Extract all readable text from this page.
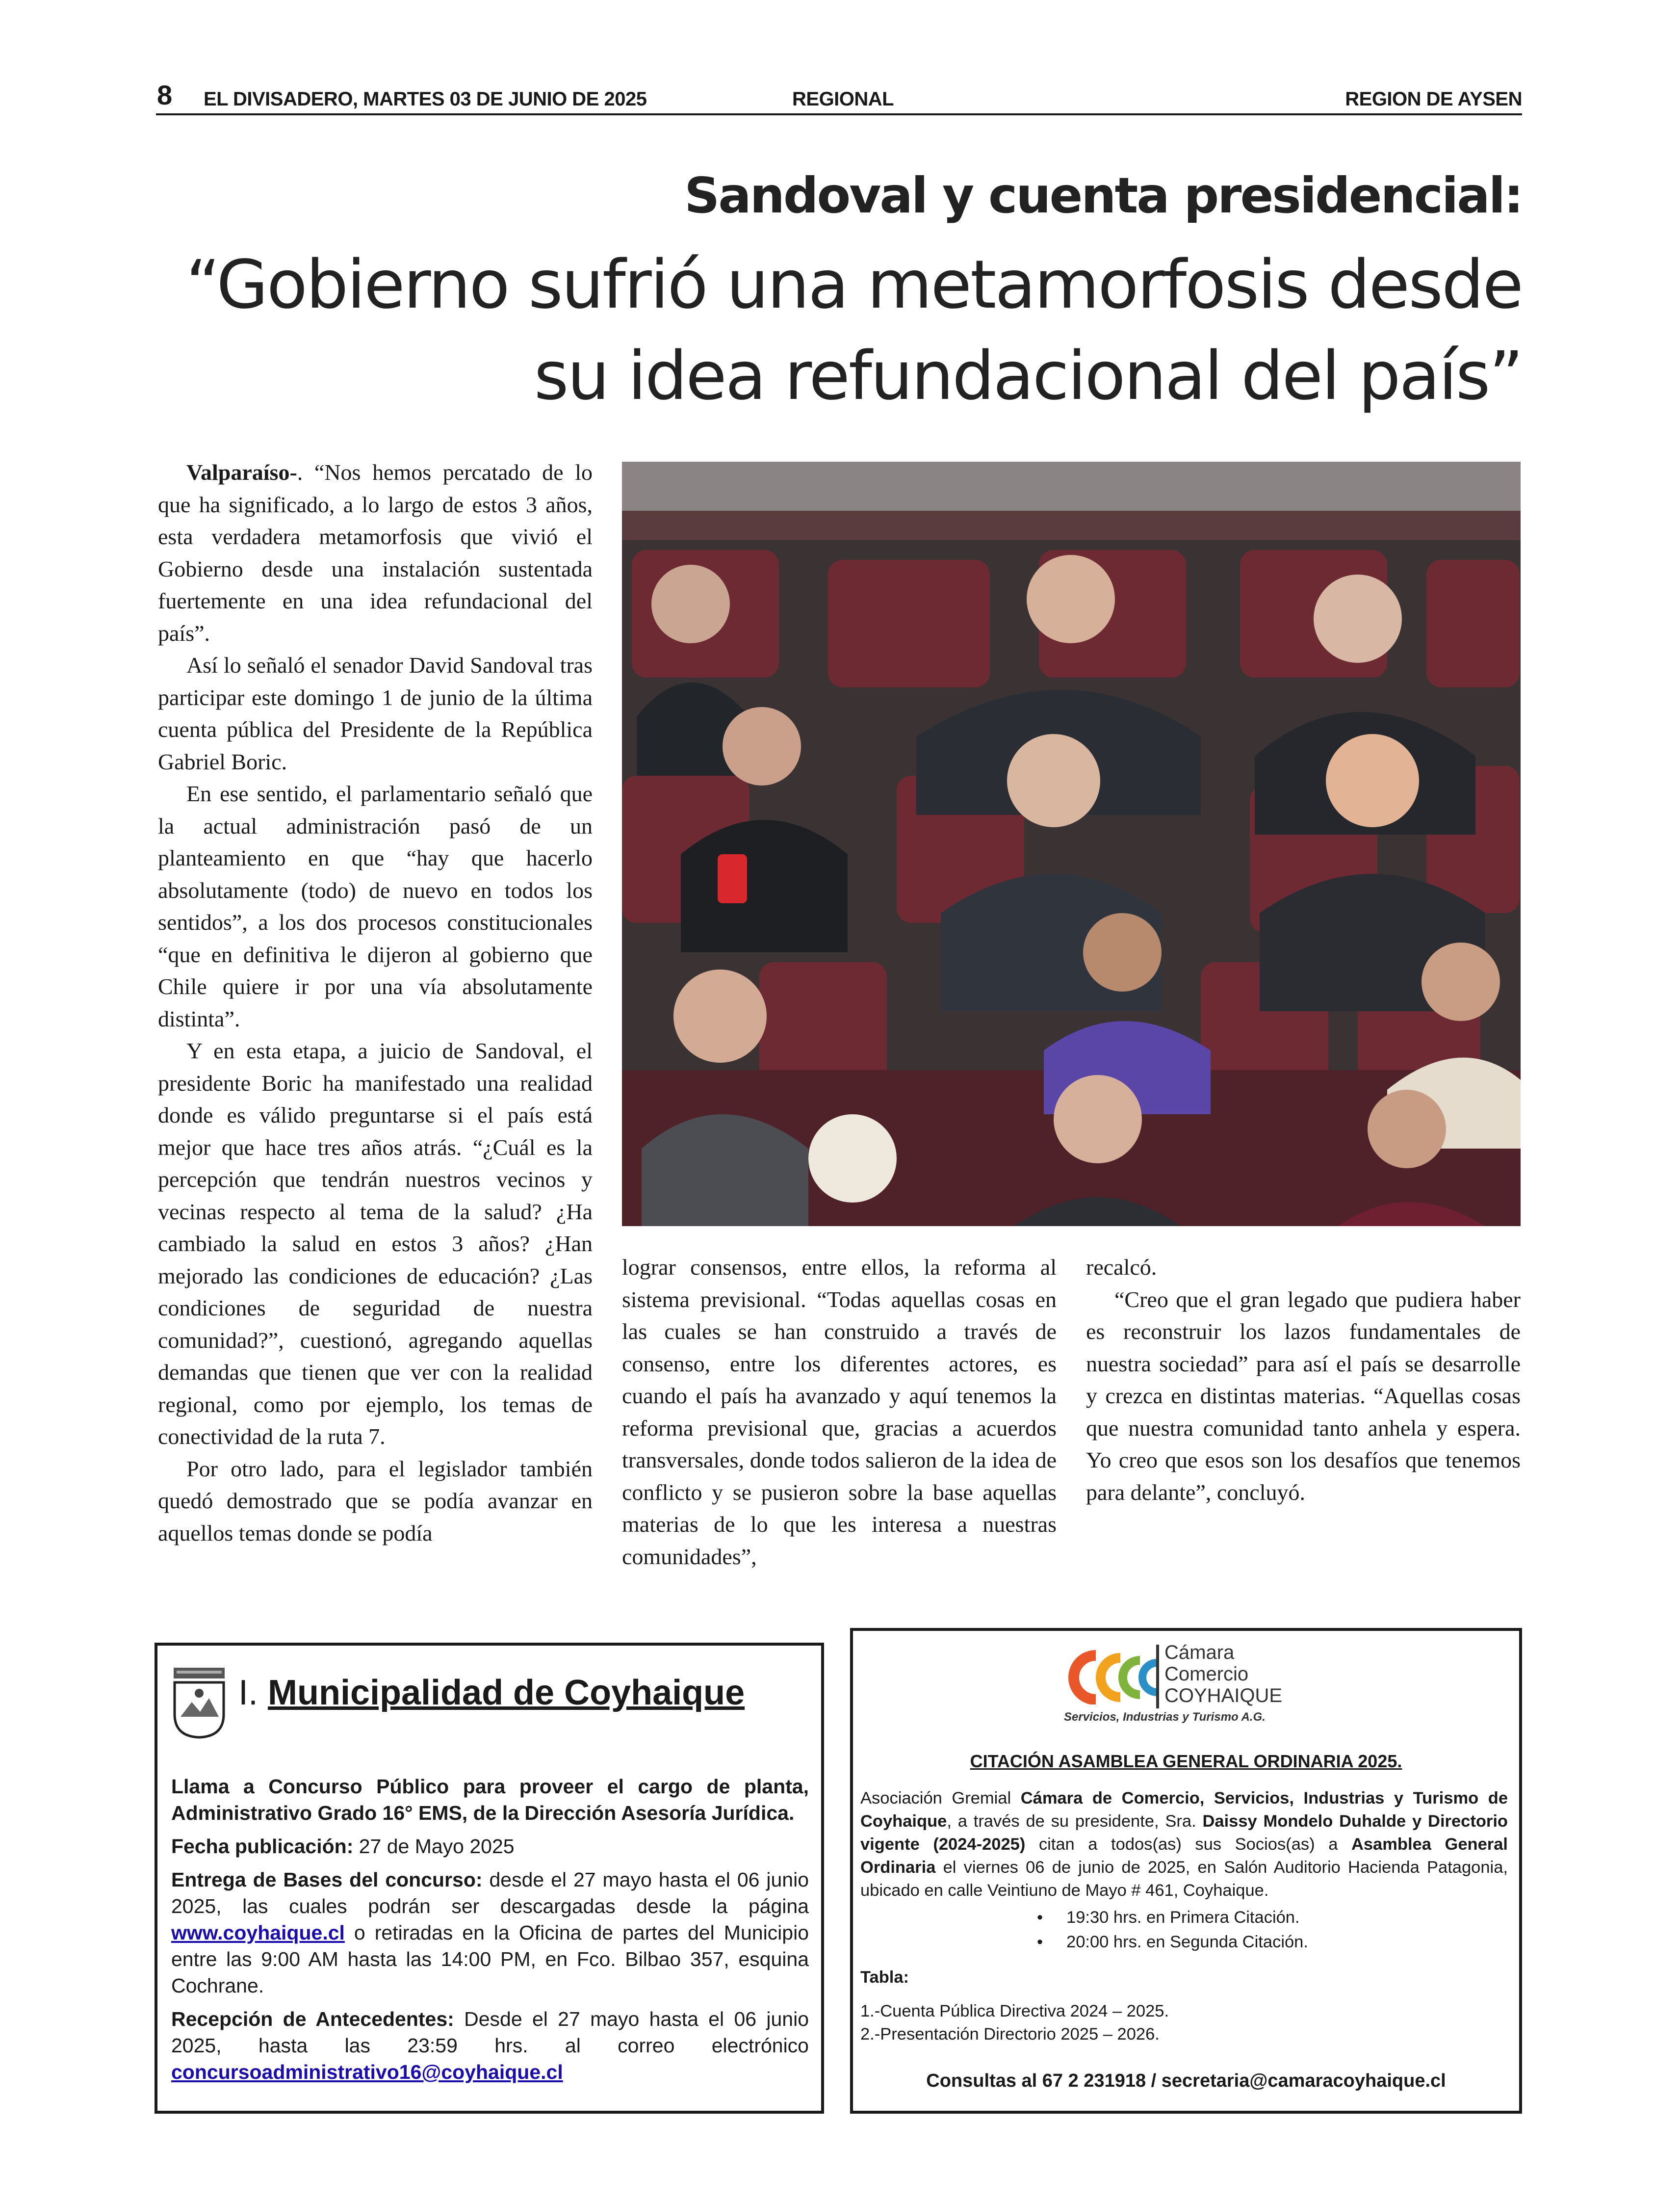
8 EL DIVISADERO, MARTES 03 DE JUNIO DE 2025	REGIONAL	REGION DE AYSEN
Sandoval y cuenta presidencial:
“Gobierno sufrió una metamorfosis desde su idea refundacional del país”

Valparaíso-. “Nos hemos percatado de lo que ha significado, a lo largo de estos 3 años, esta verdadera metamorfosis que vivió el Gobierno desde una instalación sustentada fuertemente en una idea refundacional del país”.

Así lo señaló el senador David Sandoval tras participar este domingo 1 de junio de la última cuenta pública del Presidente de la República Gabriel Boric.

En ese sentido, el parlamentario señaló que la actual administración pasó de un planteamiento en que “hay que hacerlo absolutamente (todo) de nuevo en todos los sentidos”, a los dos procesos constitucionales “que en definitiva le dijeron al gobierno que Chile quiere ir por una vía absolutamente distinta”.

Y en esta etapa, a juicio de Sandoval, el presidente Boric ha manifestado una realidad donde es válido preguntarse si el país está mejor que hace tres años atrás. “¿Cuál es la percepción que tendrán nuestros vecinos y vecinas respecto al tema de la salud? ¿Ha cambiado la salud en estos 3 años? ¿Han mejorado las condiciones de educación? ¿Las condiciones de seguridad de nuestra comunidad?”, cuestionó, agregando aquellas demandas que tienen que ver con la realidad regional, como por ejemplo, los temas de conectividad de la ruta 7.

Por otro lado, para el legislador también quedó demostrado que se podía avanzar en aquellos temas donde se podía

lograr consensos, entre ellos, la reforma al sistema previsional. “Todas aquellas cosas en las cuales se han construido a través de consenso, entre los diferentes actores, es cuando el país ha avanzado y aquí tenemos la reforma previsional que, gracias a acuerdos transversales, donde todos salieron de la idea de conflicto y se pusieron sobre la base aquellas materias de lo que les interesa a nuestras comunidades”,

recalcó.

“Creo que el gran legado que pudiera haber es reconstruir los lazos fundamentales de nuestra sociedad” para así el país se desarrolle y crezca en distintas materias. “Aquellas cosas que nuestra comunidad tanto anhela y espera. Yo creo que esos son los desafíos que tenemos para delante”, concluyó.

I. Municipalidad de Coyhaique

Llama a Concurso Público para proveer el cargo de planta, Administrativo Grado 16° EMS, de la Dirección Asesoría Jurídica.

Fecha publicación: 27 de Mayo 2025

Entrega de Bases del concurso: desde el 27 mayo hasta el 06 junio 2025, las cuales podrán ser descargadas desde la página www.coyhaique.cl o retiradas en la Oficina de partes del Municipio entre las 9:00 AM hasta las 14:00 PM, en Fco. Bilbao 357, esquina Cochrane.

Recepción de Antecedentes: Desde el 27 mayo hasta el 06 junio 2025, hasta las 23:59 hrs. al correo electrónico concursoadministrativo16@coyhaique.cl

Cámara
Comercio
COYHAIQUE
Servicios, Industrias y Turismo A.G.
CITACIÓN ASAMBLEA GENERAL ORDINARIA 2025.

Asociación Gremial Cámara de Comercio, Servicios, Industrias y Turismo de Coyhaique, a través de su presidente, Sra. Daissy Mondelo Duhalde y Directorio vigente (2024-2025) citan a todos(as) sus Socios(as) a Asamblea General Ordinaria el viernes 06 de junio de 2025, en Salón Auditorio Hacienda Patagonia, ubicado en calle Veintiuno de Mayo # 461, Coyhaique.

•     19:30 hrs. en Primera Citación.
•     20:00 hrs. en Segunda Citación.

Tabla:

1.-Cuenta Pública Directiva 2024 – 2025.

2.-Presentación Directorio 2025 – 2026.

Consultas al 67 2 231918 / secretaria@camaracoyhaique.cl
